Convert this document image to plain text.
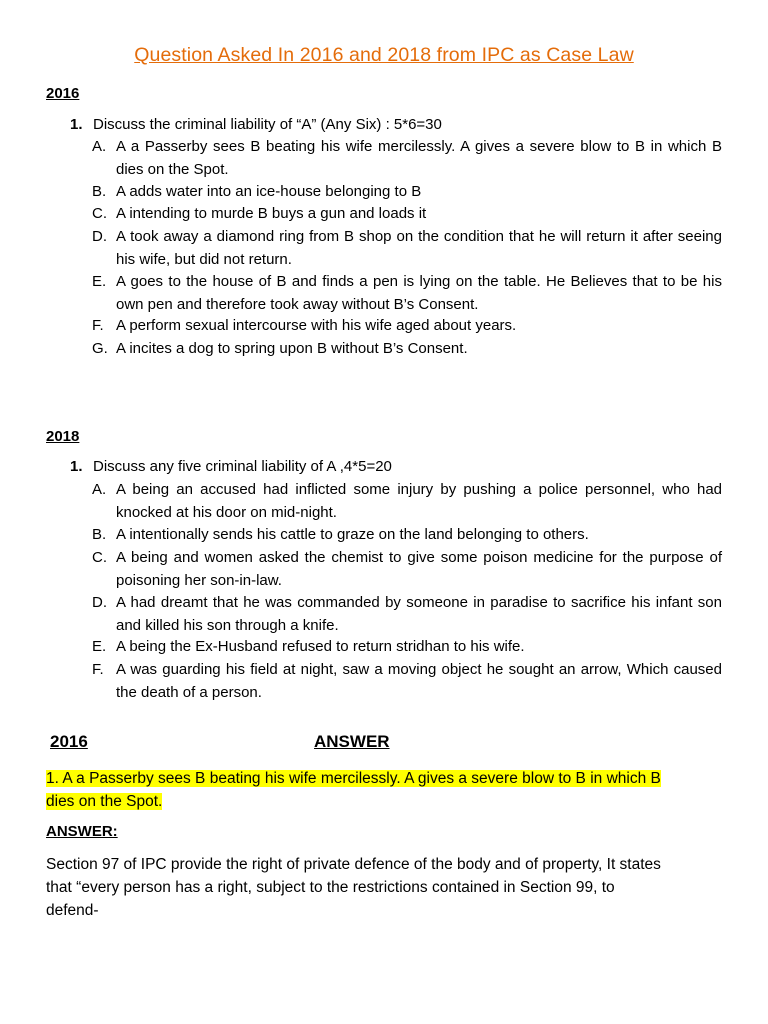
Question Asked In 2016 and 2018 from IPC as Case Law
2016
1. Discuss the criminal liability of “A” (Any Six) : 5*6=30
A. A a Passerby sees B beating his wife mercilessly. A gives a severe blow to B in which B dies on the Spot.
B. A adds water into an ice-house belonging to B
C. A intending to murde B buys a gun and loads it
D. A took away a diamond ring from B shop on the condition that he will return it after seeing his wife, but did not return.
E. A goes to the house of B and finds a pen is lying on the table. He Believes that to be his own pen and therefore took away without B’s Consent.
F. A perform sexual intercourse with his wife aged about years.
G. A incites a dog to spring upon B without B’s Consent.
2018
1. Discuss any five criminal liability of A ,4*5=20
A. A being an accused had inflicted some injury by pushing a police personnel, who had knocked at his door on mid-night.
B. A intentionally sends his cattle to graze on the land belonging to others.
C. A being and women asked the chemist to give some poison medicine for the purpose of poisoning her son-in-law.
D. A had dreamt that he was commanded by someone in paradise to sacrifice his infant son and killed his son through a knife.
E. A being the Ex-Husband refused to return stridhan to his wife.
F. A was guarding his field at night, saw a moving object he sought an arrow, Which caused the death of a person.
2016	ANSWER
1. A a Passerby sees B beating his wife mercilessly. A gives a severe blow to B in which B
dies on the Spot.
ANSWER:
Section 97 of IPC provide the right of private defence of the body and of property, It states
that “every person has a right, subject to the restrictions contained in Section 99, to
defend-
